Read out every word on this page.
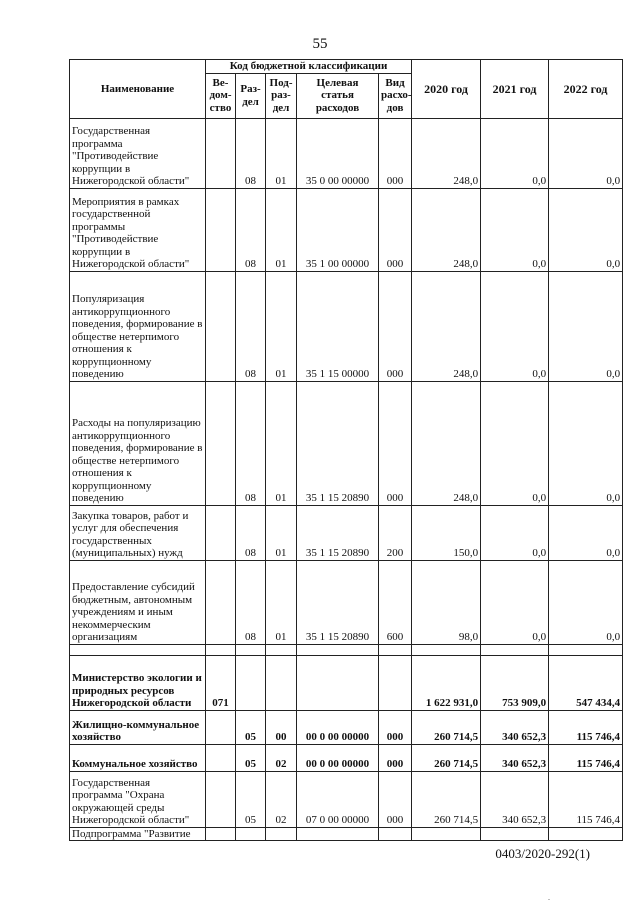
55
Наименование	Код бюджетной классификации					2020 год	2021 год	2022 год
	Ве-дом-ство	Раз-дел	Под-раз-дел	Целевая статья расходов	Вид расхо-дов			
Государственная программа "Противодействие коррупции в Нижегородской области"		08	01	35 0 00 00000	000	248,0	0,0	0,0
Мероприятия в рамках государственной программы "Противодействие коррупции в Нижегородской области"		08	01	35 1 00 00000	000	248,0	0,0	0,0
Популяризация антикоррупционного поведения, формирование в обществе нетерпимого отношения к коррупционному поведению		08	01	35 1 15 00000	000	248,0	0,0	0,0
Расходы на популяризацию антикоррупционного поведения, формирование в обществе нетерпимого отношения к коррупционному поведению		08	01	35 1 15 20890	000	248,0	0,0	0,0
Закупка товаров, работ и услуг для обеспечения государственных (муниципальных) нужд		08	01	35 1 15 20890	200	150,0	0,0	0,0
Предоставление субсидий бюджетным, автономным учреждениям и иным некоммерческим организациям		08	01	35 1 15 20890	600	98,0	0,0	0,0

Министерство экологии и природных ресурсов Нижегородской области	071					1 622 931,0	753 909,0	547 434,4
Жилищно-коммунальное хозяйство		05	00	00 0 00 00000	000	260 714,5	340 652,3	115 746,4
Коммунальное хозяйство		05	02	00 0 00 00000	000	260 714,5	340 652,3	115 746,4
Государственная программа "Охрана окружающей среды Нижегородской области"		05	02	07 0 00 00000	000	260 714,5	340 652,3	115 746,4
Подпрограмма "Развитие								
0403/2020-292(1)
.
